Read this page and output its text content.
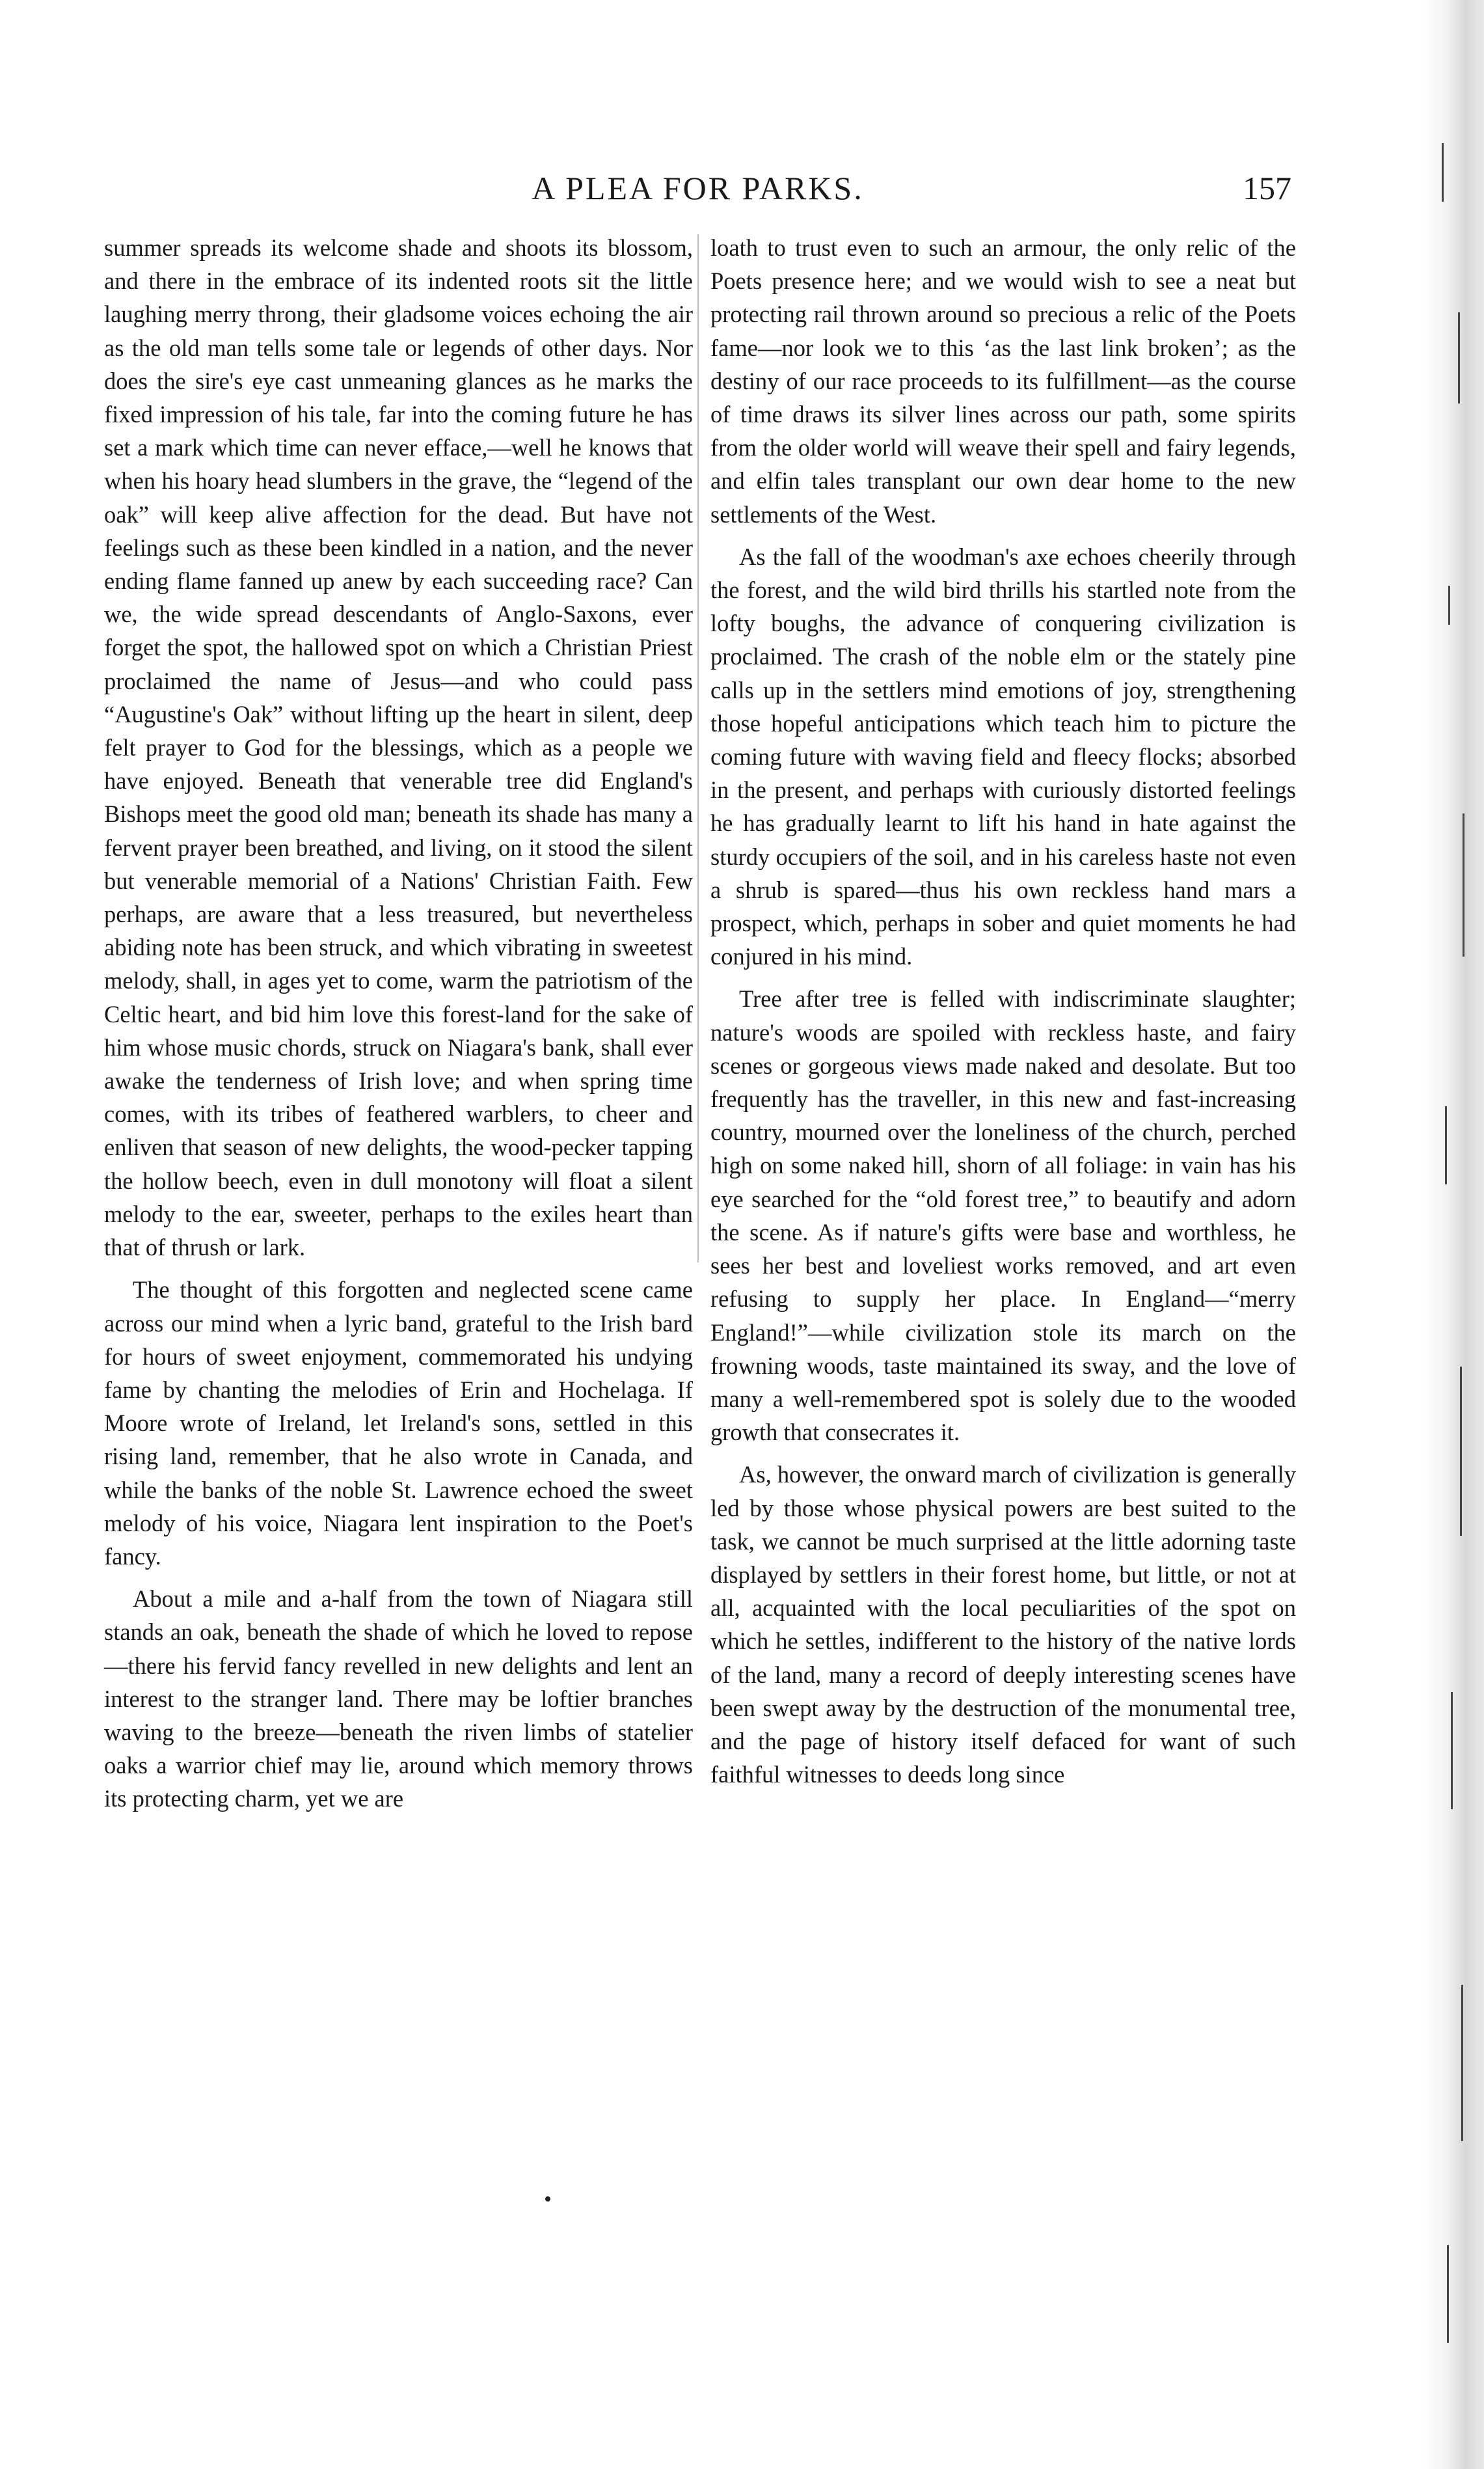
A PLEA FOR PARKS.	157

summer spreads its welcome shade and shoots its blossom, and there in the embrace of its indented roots sit the little laughing merry throng, their gladsome voices echoing the air as the old man tells some tale or legends of other days. Nor does the sire's eye cast unmeaning glances as he marks the fixed impression of his tale, far into the coming future he has set a mark which time can never efface,—well he knows that when his hoary head slumbers in the grave, the “legend of the oak” will keep alive affection for the dead. But have not feelings such as these been kindled in a nation, and the never ending flame fanned up anew by each succeeding race? Can we, the wide spread descendants of Anglo-Saxons, ever forget the spot, the hallowed spot on which a Christian Priest proclaimed the name of Jesus—and who could pass “Augustine's Oak” without lifting up the heart in silent, deep felt prayer to God for the blessings, which as a people we have enjoyed. Beneath that venerable tree did England's Bishops meet the good old man; beneath its shade has many a fervent prayer been breathed, and living, on it stood the silent but venerable memorial of a Nations' Christian Faith. Few perhaps, are aware that a less treasured, but nevertheless abiding note has been struck, and which vibrating in sweetest melody, shall, in ages yet to come, warm the patriotism of the Celtic heart, and bid him love this forest-land for the sake of him whose music chords, struck on Niagara's bank, shall ever awake the tenderness of Irish love; and when spring time comes, with its tribes of feathered warblers, to cheer and enliven that season of new delights, the wood-pecker tapping the hollow beech, even in dull monotony will float a silent melody to the ear, sweeter, perhaps to the exiles heart than that of thrush or lark.

The thought of this forgotten and neglected scene came across our mind when a lyric band, grateful to the Irish bard for hours of sweet enjoyment, commemorated his undying fame by chanting the melodies of Erin and Hochelaga. If Moore wrote of Ireland, let Ireland's sons, settled in this rising land, remember, that he also wrote in Canada, and while the banks of the noble St. Lawrence echoed the sweet melody of his voice, Niagara lent inspiration to the Poet's fancy.

About a mile and a-half from the town of Niagara still stands an oak, beneath the shade of which he loved to repose—there his fervid fancy revelled in new delights and lent an interest to the stranger land. There may be loftier branches waving to the breeze—beneath the riven limbs of statelier oaks a warrior chief may lie, around which memory throws its protecting charm, yet we are

loath to trust even to such an armour, the only relic of the Poets presence here; and we would wish to see a neat but protecting rail thrown around so precious a relic of the Poets fame—nor look we to this ‘as the last link broken’; as the destiny of our race proceeds to its fulfillment—as the course of time draws its silver lines across our path, some spirits from the older world will weave their spell and fairy legends, and elfin tales transplant our own dear home to the new settlements of the West.

As the fall of the woodman's axe echoes cheerily through the forest, and the wild bird thrills his startled note from the lofty boughs, the advance of conquering civilization is proclaimed. The crash of the noble elm or the stately pine calls up in the settlers mind emotions of joy, strengthening those hopeful anticipations which teach him to picture the coming future with waving field and fleecy flocks; absorbed in the present, and perhaps with curiously distorted feelings he has gradually learnt to lift his hand in hate against the sturdy occupiers of the soil, and in his careless haste not even a shrub is spared—thus his own reckless hand mars a prospect, which, perhaps in sober and quiet moments he had conjured in his mind.

Tree after tree is felled with indiscriminate slaughter; nature's woods are spoiled with reckless haste, and fairy scenes or gorgeous views made naked and desolate. But too frequently has the traveller, in this new and fast-increasing country, mourned over the loneliness of the church, perched high on some naked hill, shorn of all foliage: in vain has his eye searched for the “old forest tree,” to beautify and adorn the scene. As if nature's gifts were base and worthless, he sees her best and loveliest works removed, and art even refusing to supply her place. In England—“merry England!”—while civilization stole its march on the frowning woods, taste maintained its sway, and the love of many a well-remembered spot is solely due to the wooded growth that consecrates it.

As, however, the onward march of civilization is generally led by those whose physical powers are best suited to the task, we cannot be much surprised at the little adorning taste displayed by settlers in their forest home, but little, or not at all, acquainted with the local peculiarities of the spot on which he settles, indifferent to the history of the native lords of the land, many a record of deeply interesting scenes have been swept away by the destruction of the monumental tree, and the page of history itself defaced for want of such faithful witnesses to deeds long since
